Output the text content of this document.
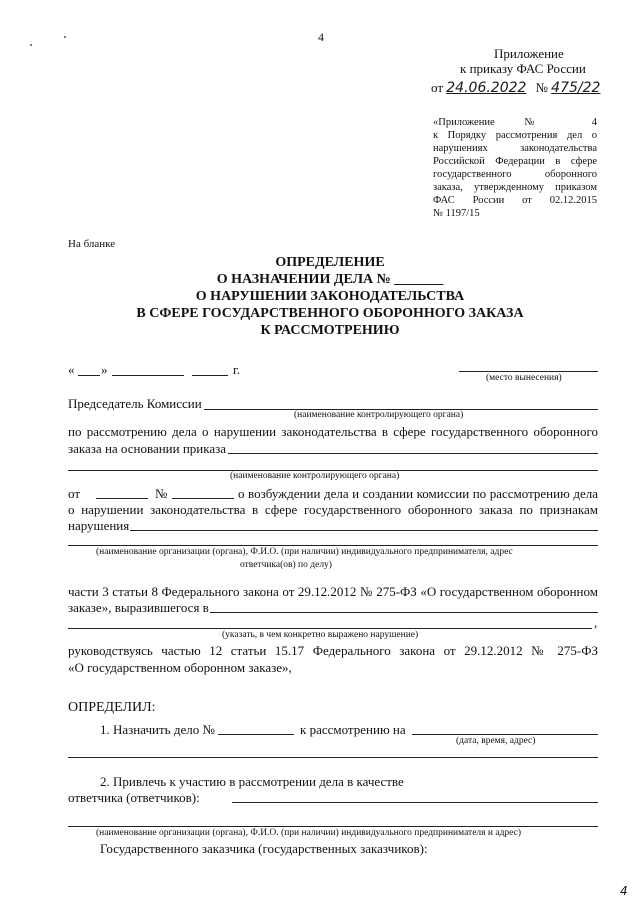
4
Приложение
к приказу ФАС России
от 24.06.2022 № 475/22
«Приложение № 4
к Порядку рассмотрения дел о
нарушениях законодательства
Российской Федерации в сфере
государственного оборонного
заказа, утвержденному приказом
ФАС России от 02.12.2015
№ 1197/15
На бланке
ОПРЕДЕЛЕНИЕ
О НАЗНАЧЕНИИ ДЕЛА № _______
О НАРУШЕНИИ ЗАКОНОДАТЕЛЬСТВА
В СФЕРЕ ГОСУДАРСТВЕННОГО ОБОРОННОГО ЗАКАЗА
К РАССМОТРЕНИЮ
« »	г.
(место вынесения)
Председатель Комиссии
(наименование контролирующего органа)
по рассмотрению дела о нарушении законодательства в сфере государственного оборонного
заказа на основании приказа
(наименование контролирующего органа)
от	№	о возбуждении дела и создании комиссии по рассмотрению дела
о нарушении законодательства в сфере государственного оборонного заказа по признакам
нарушения
(наименование организации (органа), Ф.И.О. (при наличии) индивидуального предпринимателя, адрес
ответчика(ов) по делу)
части 3 статьи 8 Федерального закона от 29.12.2012 № 275-ФЗ «О государственном оборонном
заказе», выразившегося в
,
(указать, в чем конкретно выражено нарушение)
руководствуясь частью 12 статьи 15.17 Федерального закона от 29.12.2012 № 275-ФЗ
«О государственном оборонном заказе»,
ОПРЕДЕЛИЛ:
1. Назначить дело №	к рассмотрению на
(дата, время, адрес)
2. Привлечь к участию в рассмотрении дела в качестве
ответчика (ответчиков):
(наименование организации (органа), Ф.И.О. (при наличии) индивидуального предпринимателя и адрес)
Государственного заказчика (государственных заказчиков):
4
